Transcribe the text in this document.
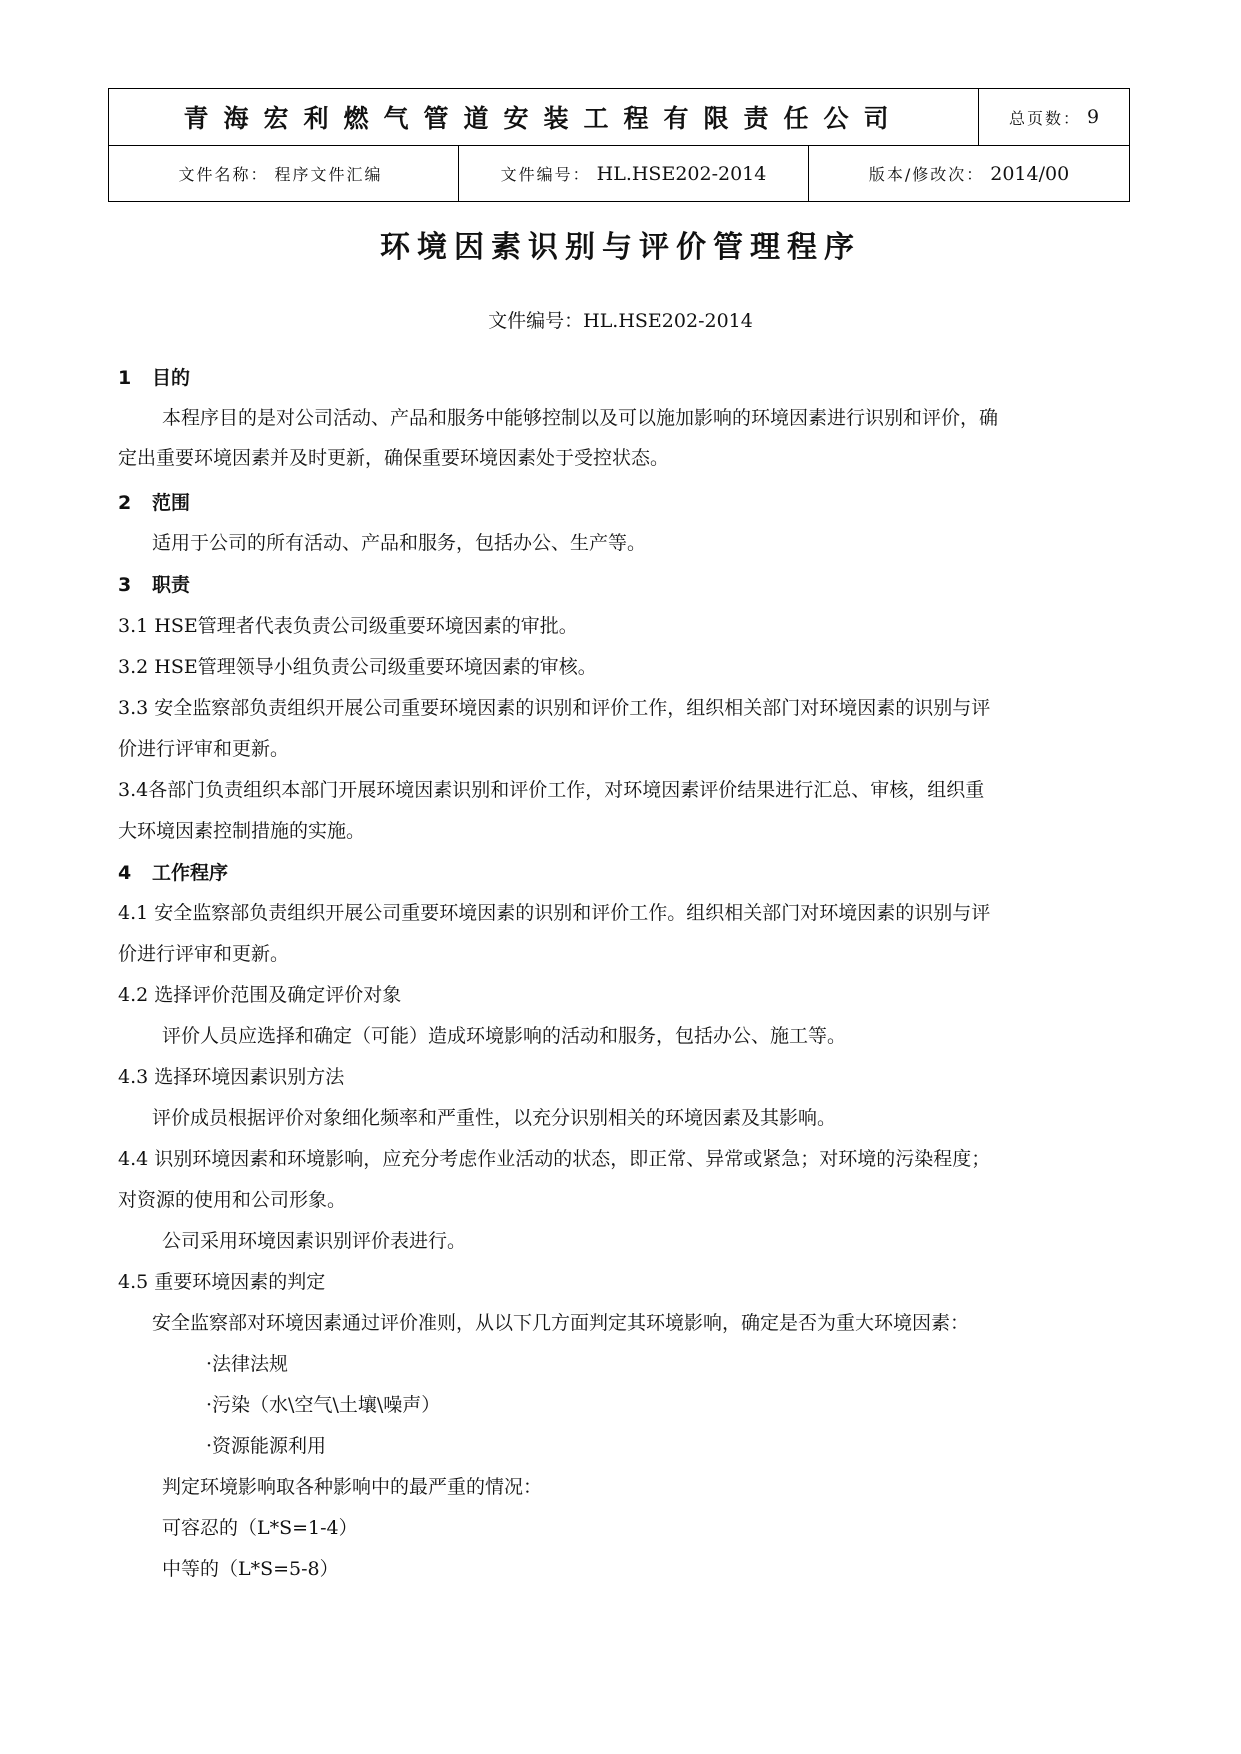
青海宏利燃气管道安装工程有限责任公司	总页数： 9
文件名称： 程序文件汇编	文件编号： HL.HSE202-2014	版本/修改次： 2014/00
环境因素识别与评价管理程序
文件编号：HL.HSE202-2014
1 目的
本程序目的是对公司活动、产品和服务中能够控制以及可以施加影响的环境因素进行识别和评价，确
定出重要环境因素并及时更新，确保重要环境因素处于受控状态。
2 范围
适用于公司的所有活动、产品和服务，包括办公、生产等。
3 职责
3.1 HSE管理者代表负责公司级重要环境因素的审批。
3.2 HSE管理领导小组负责公司级重要环境因素的审核。
3.3 安全监察部负责组织开展公司重要环境因素的识别和评价工作，组织相关部门对环境因素的识别与评
价进行评审和更新。
3.4各部门负责组织本部门开展环境因素识别和评价工作，对环境因素评价结果进行汇总、审核，组织重
大环境因素控制措施的实施。
4 工作程序
4.1 安全监察部负责组织开展公司重要环境因素的识别和评价工作。组织相关部门对环境因素的识别与评
价进行评审和更新。
4.2 选择评价范围及确定评价对象
评价人员应选择和确定（可能）造成环境影响的活动和服务，包括办公、施工等。
4.3 选择环境因素识别方法
评价成员根据评价对象细化频率和严重性，以充分识别相关的环境因素及其影响。
4.4 识别环境因素和环境影响，应充分考虑作业活动的状态，即正常、异常或紧急；对环境的污染程度；
对资源的使用和公司形象。
公司采用环境因素识别评价表进行。
4.5 重要环境因素的判定
安全监察部对环境因素通过评价准则，从以下几方面判定其环境影响，确定是否为重大环境因素：
·法律法规
·污染（水\空气\土壤\噪声）
·资源能源利用
判定环境影响取各种影响中的最严重的情况：
可容忍的（L*S=1-4）
中等的（L*S=5-8）
